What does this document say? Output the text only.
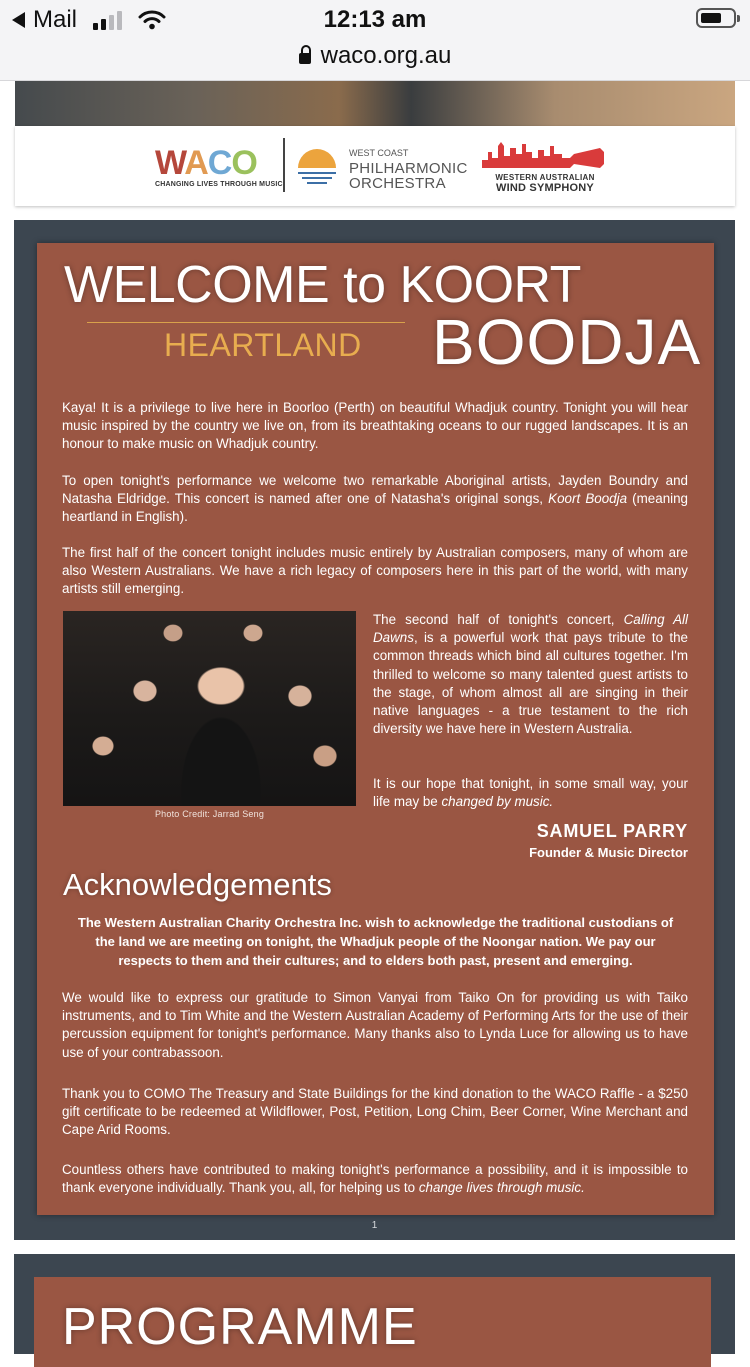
Mail	12:13 am
waco.org.au
WACO
CHANGING LIVES THROUGH MUSIC
WEST COAST
PHILHARMONIC
ORCHESTRA	WESTERN AUSTRALIAN
WIND SYMPHONY
WELCOME to KOORT
HEARTLAND BOODJA
Kaya! It is a privilege to live here in Boorloo (Perth) on beautiful Whadjuk country. Tonight you will hear music inspired by the country we live on, from its breathtaking oceans to our rugged landscapes. It is an honour to make music on Whadjuk country.
To open tonight's performance we welcome two remarkable Aboriginal artists, Jayden Boundry and Natasha Eldridge. This concert is named after one of Natasha's original songs, Koort Boodja (meaning heartland in English).
The first half of the concert tonight includes music entirely by Australian composers, many of whom are also Western Australians. We have a rich legacy of composers here in this part of the world, with many artists still emerging.
Photo Credit: Jarrad Seng
The second half of tonight's concert, Calling All Dawns, is a powerful work that pays tribute to the common threads which bind all cultures together. I'm thrilled to welcome so many talented guest artists to the stage, of whom almost all are singing in their native languages - a true testament to the rich diversity we have here in Western Australia.
It is our hope that tonight, in some small way, your life may be changed by music.
SAMUEL PARRY
Founder & Music Director
Acknowledgements
The Western Australian Charity Orchestra Inc. wish to acknowledge the traditional custodians of the land we are meeting on tonight, the Whadjuk people of the Noongar nation. We pay our respects to them and their cultures; and to elders both past, present and emerging.
We would like to express our gratitude to Simon Vanyai from Taiko On for providing us with Taiko instruments, and to Tim White and the Western Australian Academy of Performing Arts for the use of their percussion equipment for tonight's performance. Many thanks also to Lynda Luce for allowing us to have use of your contrabassoon.
Thank you to COMO The Treasury and State Buildings for the kind donation to the WACO Raffle - a $250 gift certificate to be redeemed at Wildflower, Post, Petition, Long Chim, Beer Corner, Wine Merchant and Cape Arid Rooms.
Countless others have contributed to making tonight's performance a possibility, and it is impossible to thank everyone individually. Thank you, all, for helping us to change lives through music.
1
PROGRAMME
